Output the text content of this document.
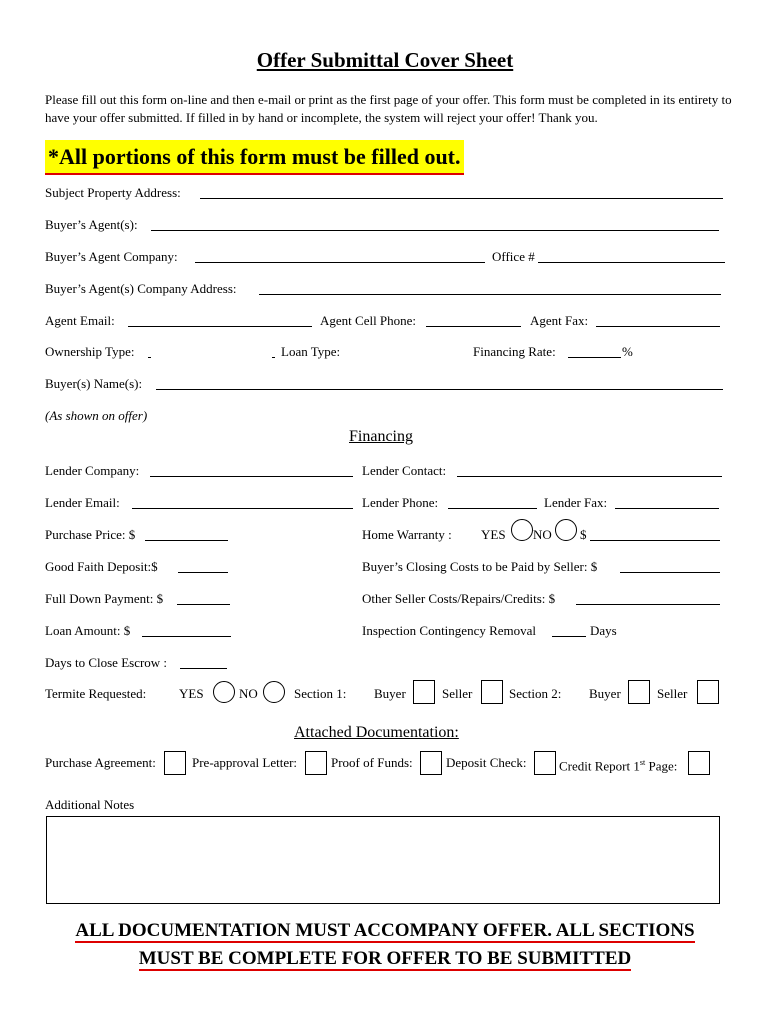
Offer Submittal Cover Sheet
Please fill out this form on-line and then e-mail or print as the first page of your offer. This form must be completed in its entirety to have your offer submitted. If filled in by hand or incomplete, the system will reject your offer! Thank you.
*All portions of this form must be filled out.
Subject Property Address:
Buyer’s Agent(s):
Buyer’s Agent Company:	Office #
Buyer’s Agent(s) Company Address:
Agent Email:	Agent Cell Phone:	Agent Fax:
Ownership Type:	Loan Type:	Financing Rate:	%
Buyer(s) Name(s):
(As shown on offer)
Financing
Lender Company:	Lender Contact:
Lender Email:	Lender Phone:	Lender Fax:
Purchase Price: $	Home Warranty : YES NO $
Good Faith Deposit:$	Buyer’s Closing Costs to be Paid by Seller: $
Full Down Payment: $	Other Seller Costs/Repairs/Credits: $
Loan Amount: $	Inspection Contingency Removal	Days
Days to Close Escrow :
Termite Requested:	YES	NO	Section 1: Buyer	Seller	Section 2: Buyer	Seller
Attached Documentation:
Purchase Agreement:	Pre-approval Letter:	Proof of Funds:	Deposit Check: Credit Report 1st Page:
Additional Notes
ALL DOCUMENTATION MUST ACCOMPANY OFFER. ALL SECTIONS
MUST BE COMPLETE FOR OFFER TO BE SUBMITTED
